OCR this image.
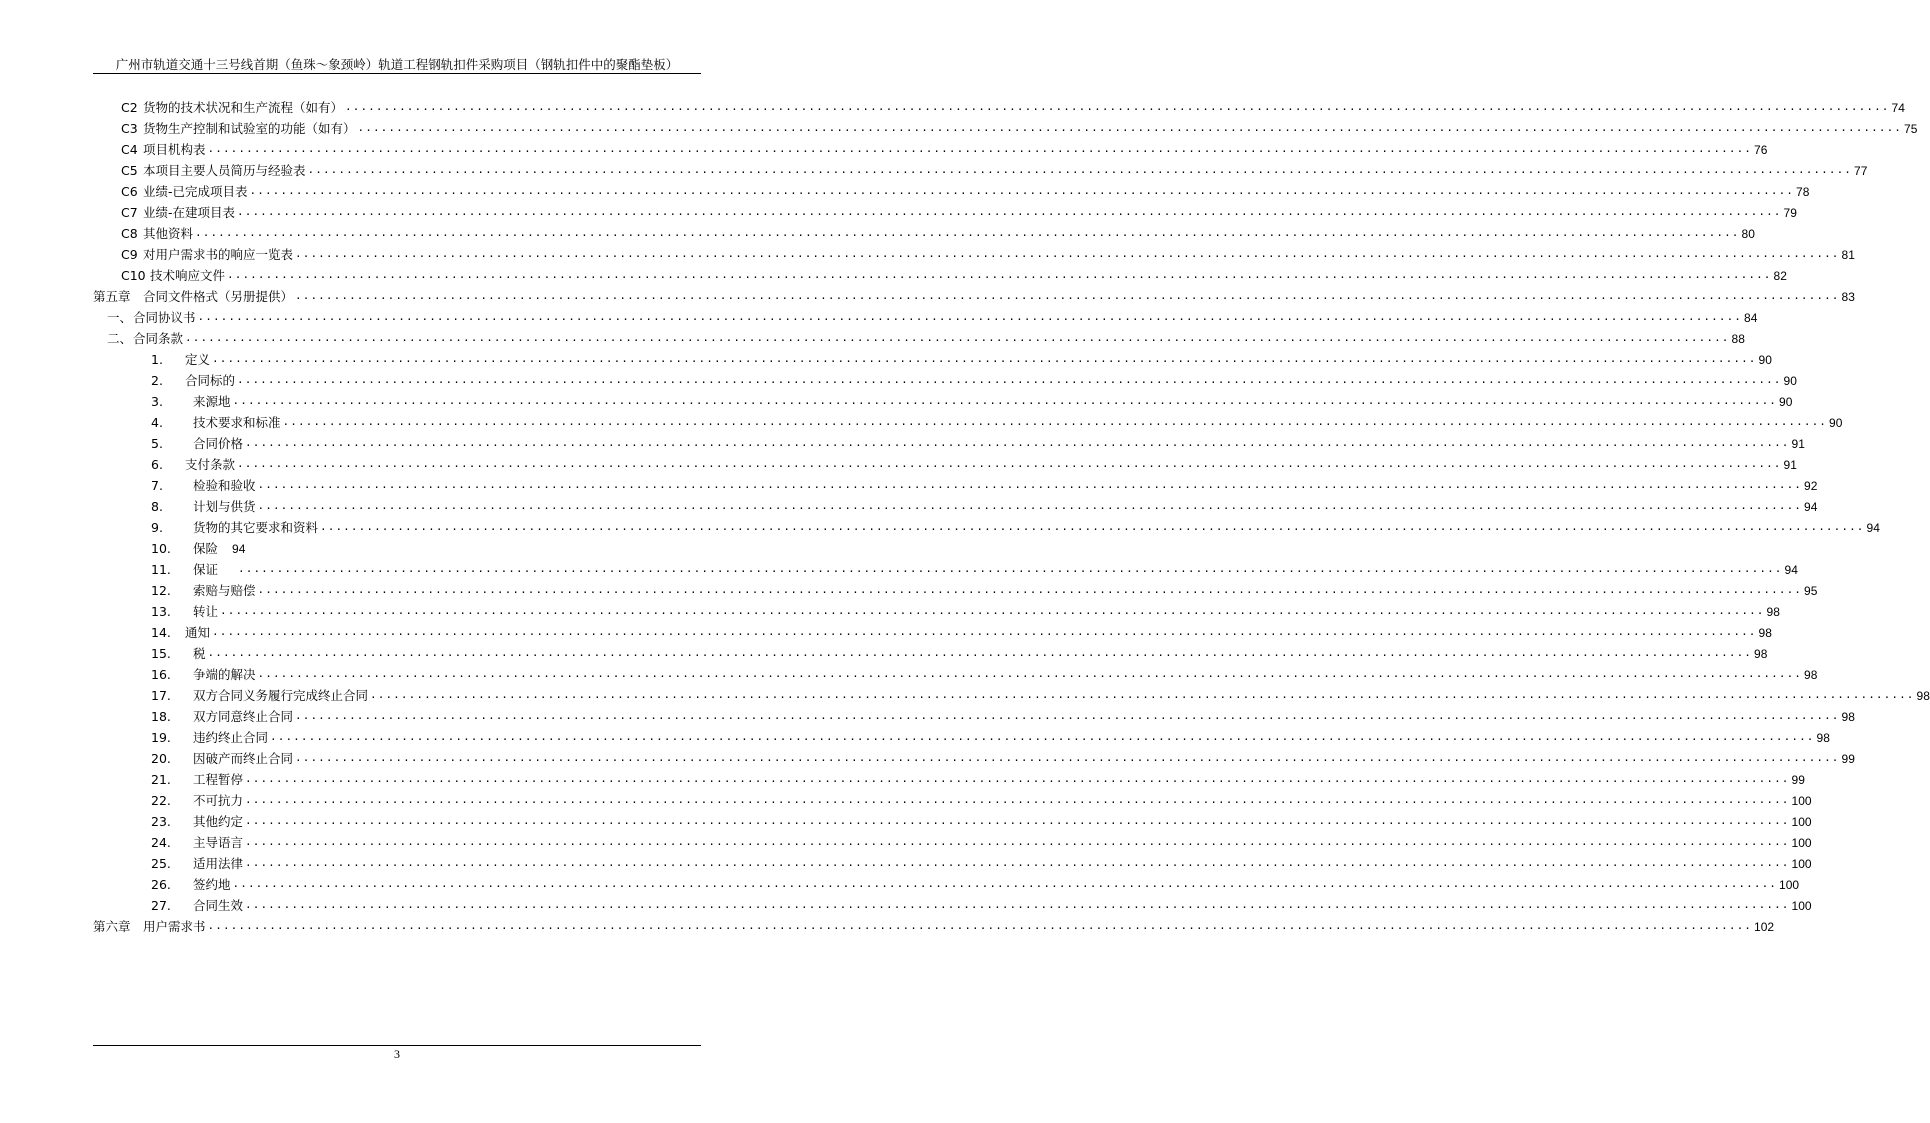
广州市轨道交通十三号线首期（鱼珠～象颈岭）轨道工程钢轨扣件采购项目（钢轨扣件中的聚酯垫板）
C2 货物的技术状况和生产流程（如有） ........................................................................................................................................................................................................ 74
C3 货物生产控制和试验室的功能（如有） ........................................................................................................................................................................................................ 75
C4 项目机构表 ........................................................................................................................................................................................................ 76
C5 本项目主要人员简历与经验表 ........................................................................................................................................................................................................ 77
C6 业绩-已完成项目表 ........................................................................................................................................................................................................ 78
C7 业绩-在建项目表 ........................................................................................................................................................................................................ 79
C8 其他资料 ........................................................................................................................................................................................................ 80
C9 对用户需求书的响应一览表 ........................................................................................................................................................................................................ 81
C10 技术响应文件 ........................................................................................................................................................................................................ 82
第五章 合同文件格式（另册提供） ........................................................................................................................................................................................................ 83
一、 合同协议书 ........................................................................................................................................................................................................ 84
二、 合同条款 ........................................................................................................................................................................................................ 88
1.	定义 ........................................................................................................................................................................................................ 90
2.	合同标的 ........................................................................................................................................................................................................ 90
3.	来源地 ........................................................................................................................................................................................................ 90
4.	技术要求和标准 ........................................................................................................................................................................................................ 90
5.	合同价格 ........................................................................................................................................................................................................ 91
6.	支付条款 ........................................................................................................................................................................................................ 91
7.	检验和验收 ........................................................................................................................................................................................................ 92
8.	计划与供货 ........................................................................................................................................................................................................ 94
9.	货物的其它要求和资料 ........................................................................................................................................................................................................ 94
10.	保险 94
11.	保证 ........................................................................................................................................................................................................ 94
12.	索赔与赔偿 ........................................................................................................................................................................................................ 95
13.	转让 ........................................................................................................................................................................................................ 98
14.	通知 ........................................................................................................................................................................................................ 98
15.	税 ........................................................................................................................................................................................................ 98
16.	争端的解决 ........................................................................................................................................................................................................ 98
17.	双方合同义务履行完成终止合同 ........................................................................................................................................................................................................ 98
18.	双方同意终止合同 ........................................................................................................................................................................................................ 98
19.	违约终止合同 ........................................................................................................................................................................................................ 98
20.	因破产而终止合同 ........................................................................................................................................................................................................ 99
21.	工程暂停 ........................................................................................................................................................................................................ 99
22.	不可抗力 ........................................................................................................................................................................................................ 100
23.	其他约定 ........................................................................................................................................................................................................ 100
24.	主导语言 ........................................................................................................................................................................................................ 100
25.	适用法律 ........................................................................................................................................................................................................ 100
26.	签约地 ........................................................................................................................................................................................................ 100
27.	合同生效 ........................................................................................................................................................................................................ 100
第六章 用户需求书 ........................................................................................................................................................................................................ 102
3
